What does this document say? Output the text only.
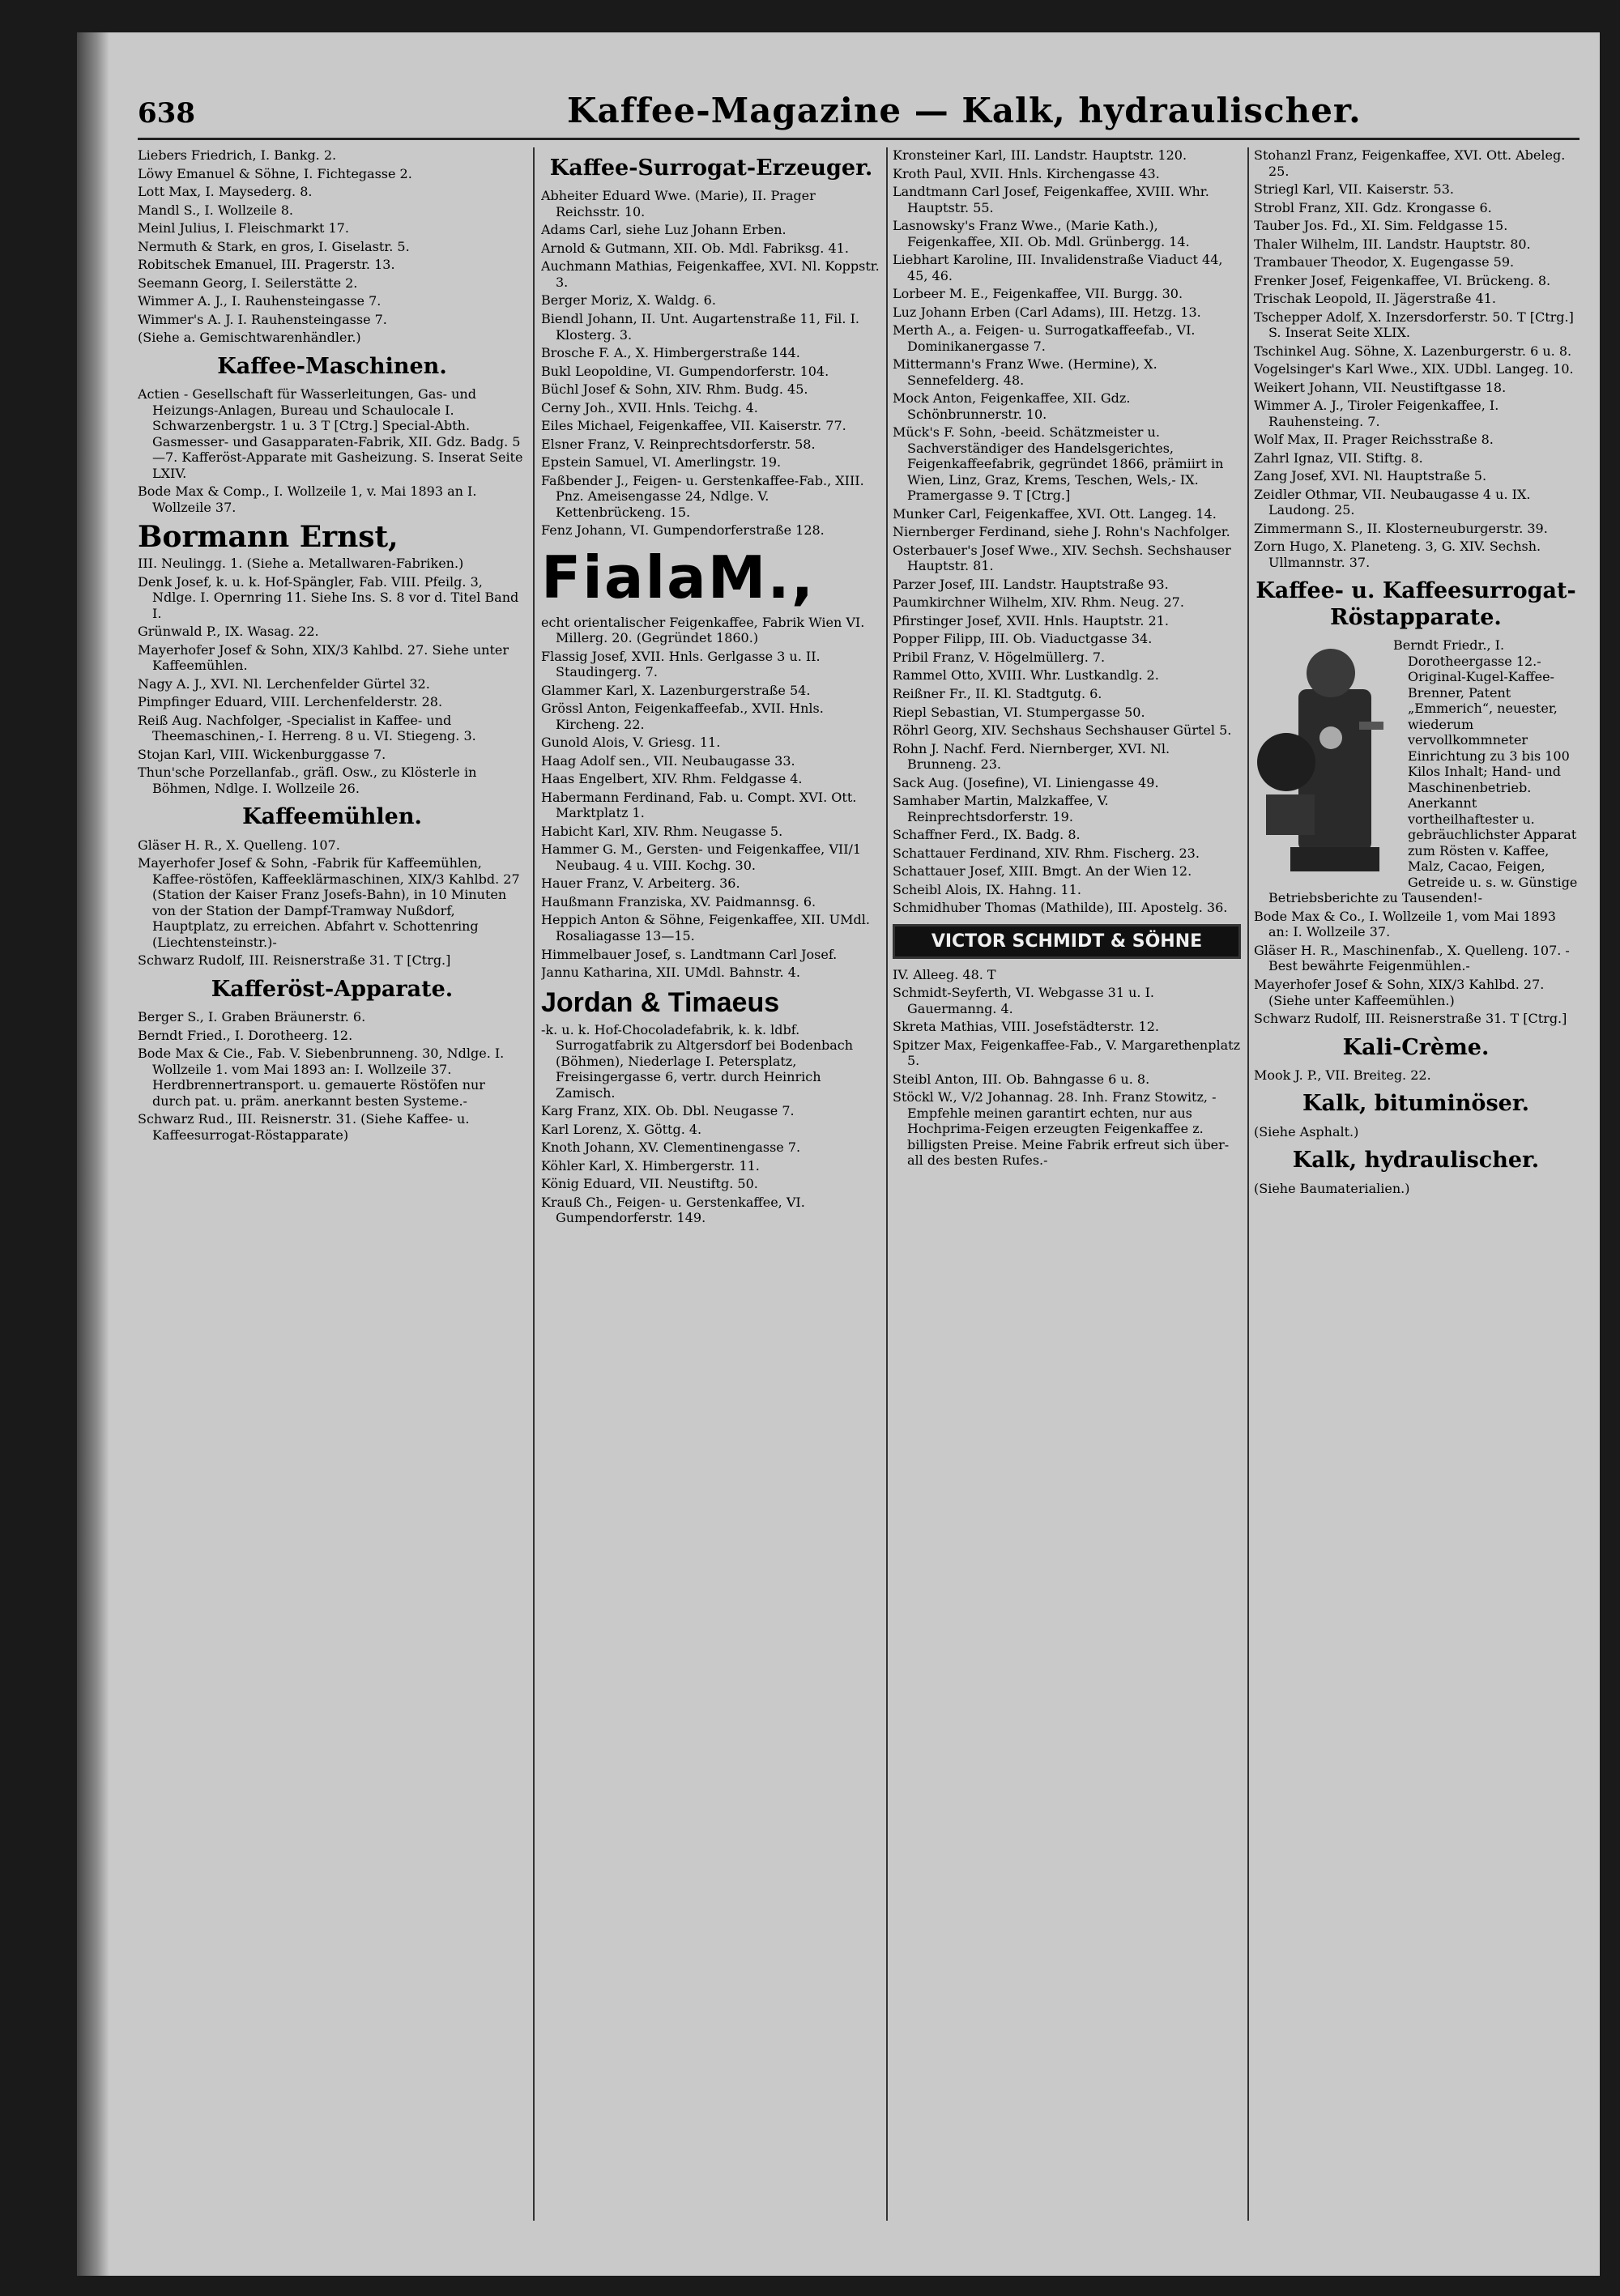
638	Kaffee-Magazine — Kalk, hydraulischer.

Liebers Friedrich, I. Bankg. 2.

Löwy Emanuel & Söhne, I. Fichtegasse 2.

Lott Max, I. Maysederg. 8.

Mandl S., I. Wollzeile 8.

Meinl Julius, I. Fleischmarkt 17.

Nermuth & Stark, en gros, I. Giselastr. 5.

Robitschek Emanuel, III. Pragerstr. 13.

Seemann Georg, I. Seilerstätte 2.

Wimmer A. J., I. Rauhensteingasse 7.

Wimmer's A. J. I. Rauhensteingasse 7.

(Siehe a. Gemischtwarenhändler.)

Kaffee-Maschinen.

Actien - Gesellschaft für Wasserleitungen, Gas- und Heizungs-Anlagen, Bureau und Schaulocale I. Schwarzenbergstr. 1 u. 3 T [Ctrg.] Special-Abth. Gasmesser- und Gasapparaten-Fabrik, XII. Gdz. Badg. 5—7. Kafferöst-Apparate mit Gasheizung. S. Inserat Seite LXIV.

Bode Max & Comp., I. Wollzeile 1, v. Mai 1893 an I. Wollzeile 37.

Bormann Ernst,

III. Neulingg. 1. (Siehe a. Metallwaren-Fabriken.)

Denk Josef, k. u. k. Hof-Spängler, Fab. VIII. Pfeilg. 3, Ndlge. I. Opernring 11. Siehe Ins. S. 8 vor d. Titel Band I.

Grünwald P., IX. Wasag. 22.

Mayerhofer Josef & Sohn, XIX/3 Kahlbd. 27. Siehe unter Kaffeemühlen.

Nagy A. J., XVI. Nl. Lerchenfelder Gürtel 32.

Pimpfinger Eduard, VIII. Lerchenfelderstr. 28.

Reiß Aug. Nachfolger, -Specialist in Kaffee- und Theemaschinen,- I. Herreng. 8 u. VI. Stiegeng. 3.

Stojan Karl, VIII. Wickenburggasse 7.

Thun'sche Porzellanfab., gräfl. Osw., zu Klösterle in Böhmen, Ndlge. I. Wollzeile 26.

Kaffeemühlen.

Gläser H. R., X. Quelleng. 107.

Mayerhofer Josef & Sohn, -Fabrik für Kaffeemühlen, Kaffee-röstöfen, Kaffeeklärmaschinen, XIX/3 Kahlbd. 27 (Station der Kaiser Franz Josefs-Bahn), in 10 Minuten von der Station der Dampf-Tramway Nußdorf, Hauptplatz, zu erreichen. Abfahrt v. Schottenring (Liechtensteinstr.)-

Schwarz Rudolf, III. Reisnerstraße 31. T [Ctrg.]

Kafferöst-Apparate.

Berger S., I. Graben Bräunerstr. 6.

Berndt Fried., I. Dorotheerg. 12.

Bode Max & Cie., Fab. V. Siebenbrunneng. 30, Ndlge. I. Wollzeile 1. vom Mai 1893 an: I. Wollzeile 37. Herdbrennertransport. u. gemauerte Röstöfen nur durch pat. u. präm. anerkannt besten Systeme.-

Schwarz Rud., III. Reisnerstr. 31. (Siehe Kaffee- u. Kaffeesurrogat-Röstapparate)

Kaffee-Surrogat-Erzeuger.

Abheiter Eduard Wwe. (Marie), II. Prager Reichsstr. 10.

Adams Carl, siehe Luz Johann Erben.

Arnold & Gutmann, XII. Ob. Mdl. Fabriksg. 41.

Auchmann Mathias, Feigenkaffee, XVI. Nl. Koppstr. 3.

Berger Moriz, X. Waldg. 6.

Biendl Johann, II. Unt. Augartenstraße 11, Fil. I. Klosterg. 3.

Brosche F. A., X. Himbergerstraße 144.

Bukl Leopoldine, VI. Gumpendorferstr. 104.

Büchl Josef & Sohn, XIV. Rhm. Budg. 45.

Cerny Joh., XVII. Hnls. Teichg. 4.

Eiles Michael, Feigenkaffee, VII. Kaiserstr. 77.

Elsner Franz, V. Reinprechtsdorferstr. 58.

Epstein Samuel, VI. Amerlingstr. 19.

Faßbender J., Feigen- u. Gerstenkaffee-Fab., XIII. Pnz. Ameisengasse 24, Ndlge. V. Kettenbrückeng. 15.

Fenz Johann, VI. Gumpendorferstraße 128.

FialaM.,

echt orientalischer Feigenkaffee, Fabrik Wien VI. Millerg. 20. (Gegründet 1860.)

Flassig Josef, XVII. Hnls. Gerlgasse 3 u. II. Staudingerg. 7.

Glammer Karl, X. Lazenburgerstraße 54.

Grössl Anton, Feigenkaffeefab., XVII. Hnls. Kircheng. 22.

Gunold Alois, V. Griesg. 11.

Haag Adolf sen., VII. Neubaugasse 33.

Haas Engelbert, XIV. Rhm. Feldgasse 4.

Habermann Ferdinand, Fab. u. Compt. XVI. Ott. Marktplatz 1.

Habicht Karl, XIV. Rhm. Neugasse 5.

Hammer G. M., Gersten- und Feigenkaffee, VII/1 Neubaug. 4 u. VIII. Kochg. 30.

Hauer Franz, V. Arbeiterg. 36.

Haußmann Franziska, XV. Paidmannsg. 6.

Heppich Anton & Söhne, Feigenkaffee, XII. UMdl. Rosaliagasse 13—15.

Himmelbauer Josef, s. Landtmann Carl Josef.

Jannu Katharina, XII. UMdl. Bahnstr. 4.

Jordan & Timaeus

-k. u. k. Hof-Chocoladefabrik, k. k. ldbf. Surrogatfabrik zu Altgersdorf bei Bodenbach (Böhmen), Niederlage I. Petersplatz, Freisingergasse 6, vertr. durch Heinrich Zamisch.

Karg Franz, XIX. Ob. Dbl. Neugasse 7.

Karl Lorenz, X. Göttg. 4.

Knoth Johann, XV. Clementinengasse 7.

Köhler Karl, X. Himbergerstr. 11.

König Eduard, VII. Neustiftg. 50.

Krauß Ch., Feigen- u. Gerstenkaffee, VI. Gumpendorferstr. 149.

Kronsteiner Karl, III. Landstr. Hauptstr. 120.

Kroth Paul, XVII. Hnls. Kirchengasse 43.

Landtmann Carl Josef, Feigenkaffee, XVIII. Whr. Hauptstr. 55.

Lasnowsky's Franz Wwe., (Marie Kath.), Feigenkaffee, XII. Ob. Mdl. Grünbergg. 14.

Liebhart Karoline, III. Invalidenstraße Viaduct 44, 45, 46.

Lorbeer M. E., Feigenkaffee, VII. Burgg. 30.

Luz Johann Erben (Carl Adams), III. Hetzg. 13.

Merth A., a. Feigen- u. Surrogatkaffeefab., VI. Dominikanergasse 7.

Mittermann's Franz Wwe. (Hermine), X. Sennefelderg. 48.

Mock Anton, Feigenkaffee, XII. Gdz. Schönbrunnerstr. 10.

Mück's F. Sohn, -beeid. Schätzmeister u. Sachverständiger des Handelsgerichtes, Feigenkaffeefabrik, gegründet 1866, prämiirt in Wien, Linz, Graz, Krems, Teschen, Wels,- IX. Pramergasse 9. T [Ctrg.]

Munker Carl, Feigenkaffee, XVI. Ott. Langeg. 14.

Niernberger Ferdinand, siehe J. Rohn's Nachfolger.

Osterbauer's Josef Wwe., XIV. Sechsh. Sechshauser Hauptstr. 81.

Parzer Josef, III. Landstr. Hauptstraße 93.

Paumkirchner Wilhelm, XIV. Rhm. Neug. 27.

Pfirstinger Josef, XVII. Hnls. Hauptstr. 21.

Popper Filipp, III. Ob. Viaductgasse 34.

Pribil Franz, V. Högelmüllerg. 7.

Rammel Otto, XVIII. Whr. Lustkandlg. 2.

Reißner Fr., II. Kl. Stadtgutg. 6.

Riepl Sebastian, VI. Stumpergasse 50.

Röhrl Georg, XIV. Sechshaus Sechshauser Gürtel 5.

Rohn J. Nachf. Ferd. Niernberger, XVI. Nl. Brunneng. 23.

Sack Aug. (Josefine), VI. Liniengasse 49.

Samhaber Martin, Malzkaffee, V. Reinprechtsdorferstr. 19.

Schaffner Ferd., IX. Badg. 8.

Schattauer Ferdinand, XIV. Rhm. Fischerg. 23.

Schattauer Josef, XIII. Bmgt. An der Wien 12.

Scheibl Alois, IX. Hahng. 11.

Schmidhuber Thomas (Mathilde), III. Apostelg. 36.

VICTOR SCHMIDT & SÖHNE

IV. Alleeg. 48. T

Schmidt-Seyferth, VI. Webgasse 31 u. I. Gauermanng. 4.

Skreta Mathias, VIII. Josefstädterstr. 12.

Spitzer Max, Feigenkaffee-Fab., V. Margarethenplatz 5.

Steibl Anton, III. Ob. Bahngasse 6 u. 8.

Stöckl W., V/2 Johannag. 28. Inh. Franz Stowitz, -Empfehle meinen garantirt echten, nur aus Hochprima-Feigen erzeugten Feigenkaffee z. billigsten Preise. Meine Fabrik erfreut sich über-all des besten Rufes.-

Stohanzl Franz, Feigenkaffee, XVI. Ott. Abeleg. 25.

Striegl Karl, VII. Kaiserstr. 53.

Strobl Franz, XII. Gdz. Krongasse 6.

Tauber Jos. Fd., XI. Sim. Feldgasse 15.

Thaler Wilhelm, III. Landstr. Hauptstr. 80.

Trambauer Theodor, X. Eugengasse 59.

Frenker Josef, Feigenkaffee, VI. Brückeng. 8.

Trischak Leopold, II. Jägerstraße 41.

Tschepper Adolf, X. Inzersdorferstr. 50. T [Ctrg.] S. Inserat Seite XLIX.

Tschinkel Aug. Söhne, X. Lazenburgerstr. 6 u. 8.

Vogelsinger's Karl Wwe., XIX. UDbl. Langeg. 10.

Weikert Johann, VII. Neustiftgasse 18.

Wimmer A. J., Tiroler Feigenkaffee, I. Rauhensteing. 7.

Wolf Max, II. Prager Reichsstraße 8.

Zahrl Ignaz, VII. Stiftg. 8.

Zang Josef, XVI. Nl. Hauptstraße 5.

Zeidler Othmar, VII. Neubaugasse 4 u. IX. Laudong. 25.

Zimmermann S., II. Klosterneuburgerstr. 39.

Zorn Hugo, X. Planeteng. 3, G. XIV. Sechsh. Ullmannstr. 37.

Kaffee- u. Kaffeesurrogat-Röstapparate.

Berndt Friedr., I. Dorotheergasse 12.- Original-Kugel-Kaffee-Brenner, Patent „Emmerich“, neuester, wiederum vervollkommneter Einrichtung zu 3 bis 100 Kilos Inhalt; Hand- und Maschinenbetrieb. Anerkannt vortheilhaftester u. gebräuchlichster Apparat zum Rösten v. Kaffee, Malz, Cacao, Feigen, Getreide u. s. w. Günstige Betriebsberichte zu Tausenden!-

Bode Max & Co., I. Wollzeile 1, vom Mai 1893 an: I. Wollzeile 37.

Gläser H. R., Maschinenfab., X. Quelleng. 107. -Best bewährte Feigenmühlen.-

Mayerhofer Josef & Sohn, XIX/3 Kahlbd. 27. (Siehe unter Kaffeemühlen.)

Schwarz Rudolf, III. Reisnerstraße 31. T [Ctrg.]

Kali-Crème.

Mook J. P., VII. Breiteg. 22.

Kalk, bituminöser.

(Siehe Asphalt.)

Kalk, hydraulischer.

(Siehe Baumaterialien.)
